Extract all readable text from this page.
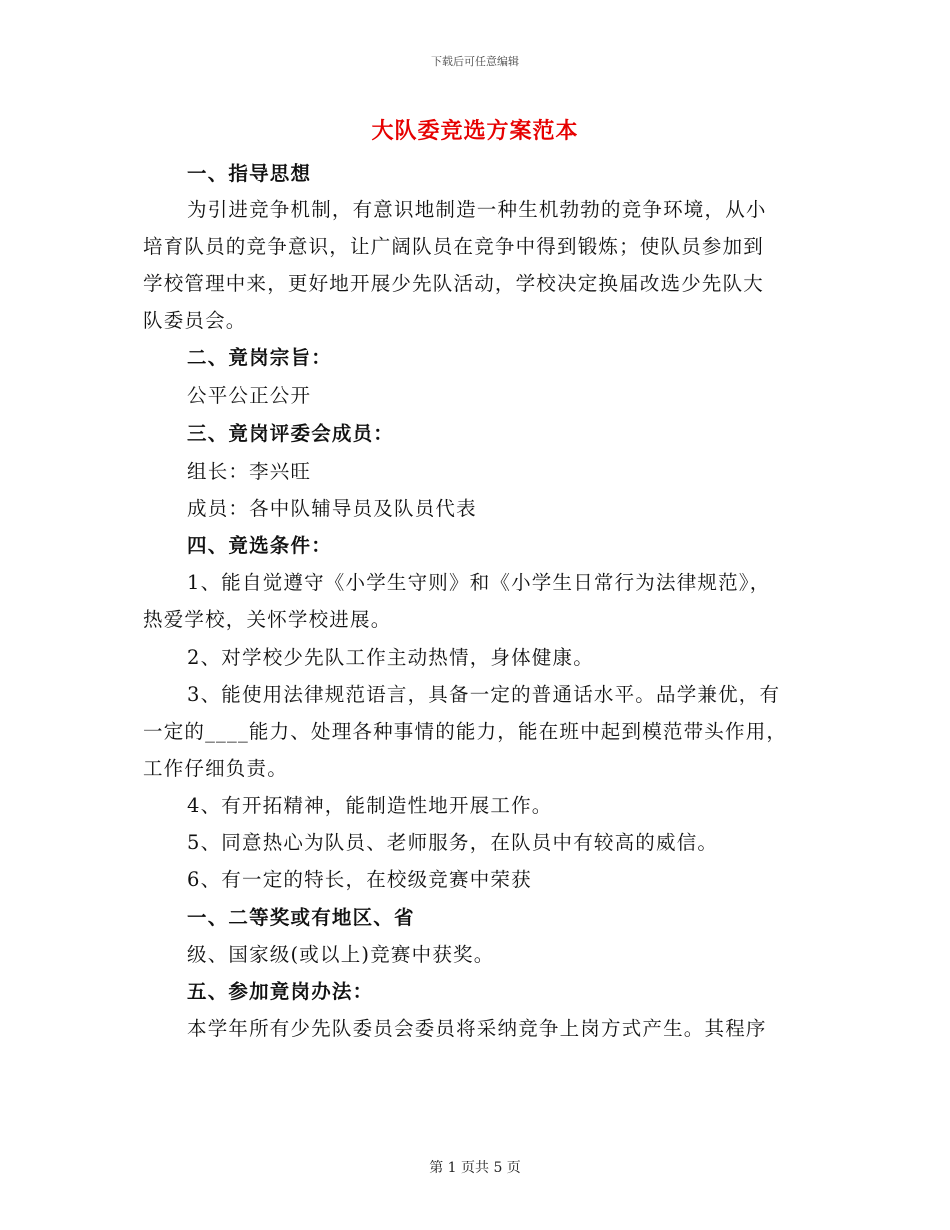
下载后可任意编辑
大队委竞选方案范本
一、指导思想
为引进竞争机制，有意识地制造一种生机勃勃的竞争环境，从小
培育队员的竞争意识，让广阔队员在竞争中得到锻炼；使队员参加到
学校管理中来，更好地开展少先队活动，学校决定换届改选少先队大
队委员会。
二、竟岗宗旨：
公平公正公开
三、竟岗评委会成员：
组长：李兴旺
成员：各中队辅导员及队员代表
四、竟选条件：
1、能自觉遵守《小学生守则》和《小学生日常行为法律规范》，
热爱学校，关怀学校进展。
2、对学校少先队工作主动热情，身体健康。
3、能使用法律规范语言，具备一定的普通话水平。品学兼优，有
一定的____能力、处理各种事情的能力，能在班中起到模范带头作用，
工作仔细负责。
4、有开拓精神，能制造性地开展工作。
5、同意热心为队员、老师服务，在队员中有较高的威信。
6、有一定的特长，在校级竞赛中荣获
一、二等奖或有地区、省
级、国家级(或以上)竞赛中获奖。
五、参加竟岗办法：
本学年所有少先队委员会委员将采纳竞争上岗方式产生。其程序
第 1 页共 5 页
